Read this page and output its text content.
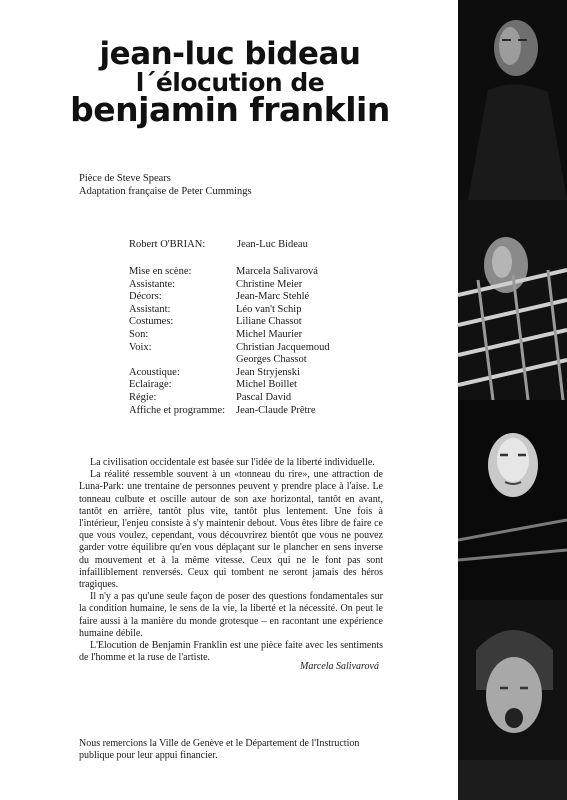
jean-luc bideau
l´élocution de
benjamin franklin
Pièce de Steve Spears
Adaptation française de Peter Cummings
Robert O'BRIAN:	Jean-Luc Bideau
Mise en scène:	Marcela Salivarová
Assistante:	Christine Meier
Décors:	Jean-Marc Stehlé
Assistant:	Léo van't Schip
Costumes:	Liliane Chassot
Son:	Michel Maurier
Voix:	Christian Jacquemoud
Georges Chassot
Acoustique:	Jean Stryjenski
Eclairage:	Michel Boillet
Régie:	Pascal David
Affiche et programme:	Jean-Claude Prêtre

La civilisation occidentale est basée sur l'idée de la liberté individuelle.

La réalité ressemble souvent à un «tonneau du rire», une attraction de Luna-Park: une trentaine de personnes peuvent y prendre place à l'aise. Le tonneau culbute et oscille autour de son axe horizontal, tantôt en avant, tantôt en arrière, tantôt plus vite, tantôt plus lentement. Une fois à l'intérieur, l'enjeu consiste à s'y maintenir debout. Vous êtes libre de faire ce que vous voulez, cependant, vous découvrirez bientôt que vous ne pouvez garder votre équilibre qu'en vous déplaçant sur le plancher en sens inverse du mouvement et à la même vitesse. Ceux qui ne le font pas sont infailliblement renversés. Ceux qui tombent ne seront jamais des héros tragiques.

Il n'y a pas qu'une seule façon de poser des questions fondamentales sur la condition humaine, le sens de la vie, la liberté et la nécessité. On peut le faire aussi à la manière du monde grotesque – en racontant une expérience humaine débile.

L'Elocution de Benjamin Franklin est une pièce faite avec les sentiments de l'homme et la ruse de l'artiste.

Marcela Salivarová
Nous remercions la Ville de Genève et le Département de l'Instruction publique pour leur appui financier.
